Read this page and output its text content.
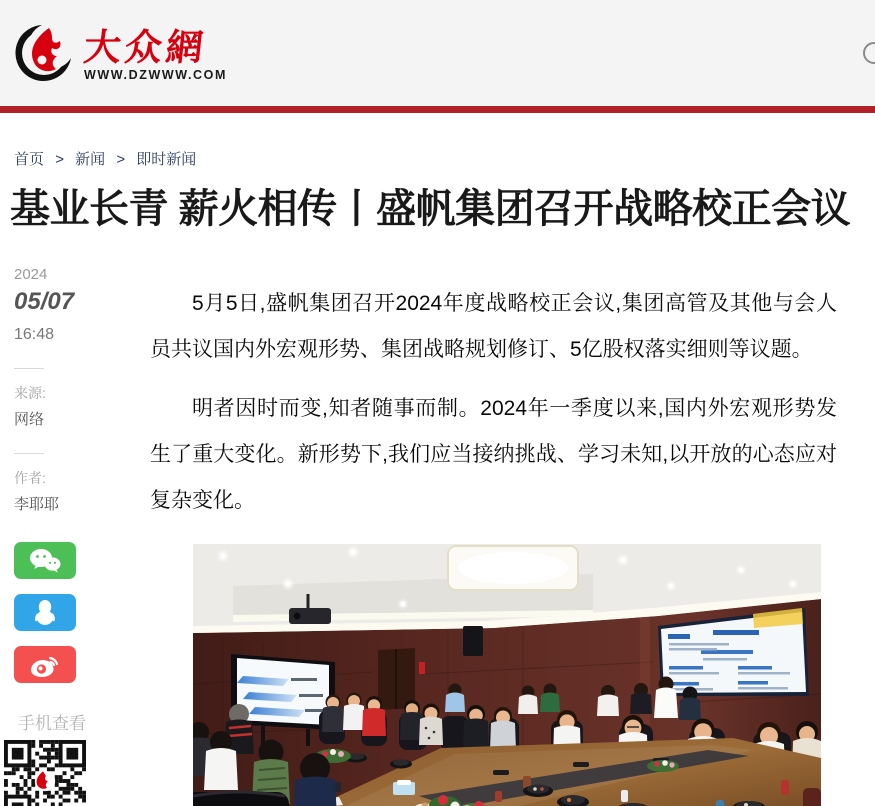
大众網
WWW.DZWWW.COM
首页 > 新闻 > 即时新闻
基业长青 薪火相传丨盛帆集团召开战略校正会议
2024
05/07
16:48
来源:
网络
作者:
李耶耶
手机查看

5月5日,盛帆集团召开2024年度战略校正会议,集团高管及其他与会人员共议国内外宏观形势、集团战略规划修订、5亿股权落实细则等议题。

明者因时而变,知者随事而制。2024年一季度以来,国内外宏观形势发生了重大变化。新形势下,我们应当接纳挑战、学习未知,以开放的心态应对复杂变化。
